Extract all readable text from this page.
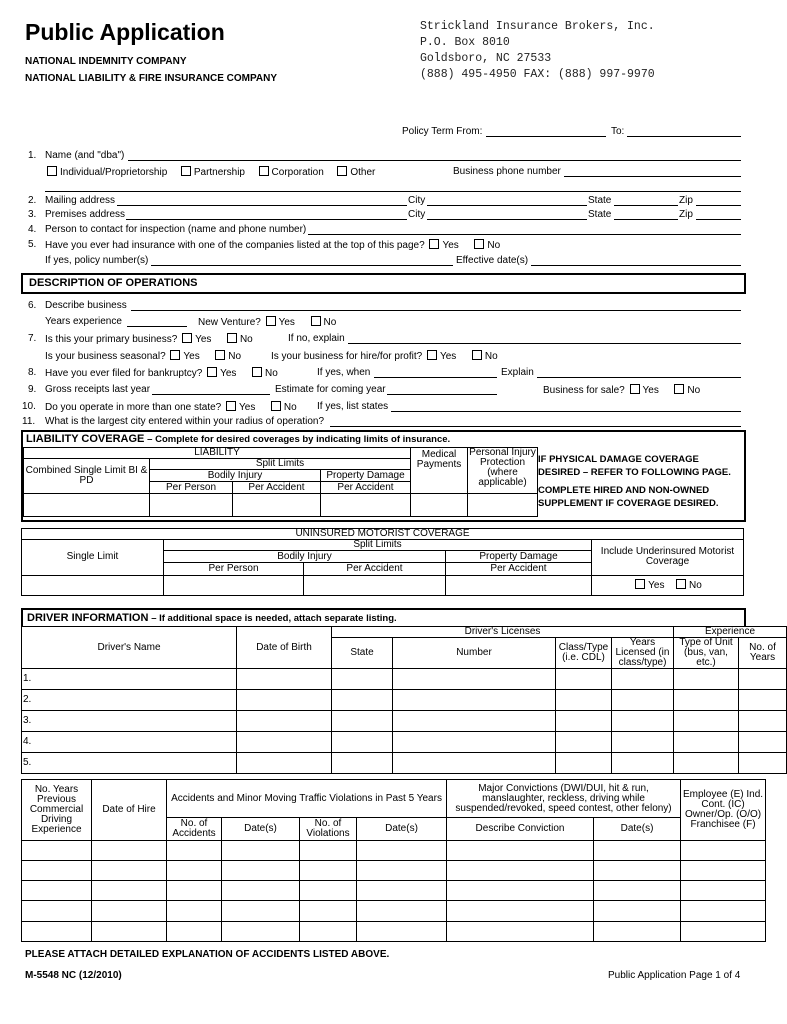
Public Application
NATIONAL INDEMNITY COMPANY
NATIONAL LIABILITY & FIRE INSURANCE COMPANY
Strickland Insurance Brokers, Inc.
P.O. Box 8010
Goldsboro, NC 27533
(888) 495-4950 FAX: (888) 997-9970
Policy Term From:	To:
1. Name (and "dba")
Individual/Proprietorship	Partnership	Corporation	Other	Business phone number
2. Mailing address	City	State	Zip
3. Premises address	City	State	Zip
4. Person to contact for inspection (name and phone number)
5. Have you ever had insurance with one of the companies listed at the top of this page? Yes	No
If yes, policy number(s)	Effective date(s)
DESCRIPTION OF OPERATIONS
6. Describe business
Years experience	New Venture? Yes	No
7. Is this your primary business? Yes	No	If no, explain
Is your business seasonal? Yes	No	Is your business for hire/for profit? Yes	No
8. Have you ever filed for bankruptcy? Yes	No	If yes, when	Explain
9. Gross receipts last year	Estimate for coming year	Business for sale? Yes	No
10. Do you operate in more than one state? Yes	No If yes, list states
11. What is the largest city entered within your radius of operation?
LIABILITY COVERAGE – Complete for desired coverages by indicating limits of insurance.
LIABILITY				Medical Payments	Personal Injury Protection (where applicable)
Combined Single Limit BI & PD	Split Limits				
	Bodily Injury		Property Damage		
	Per Person	Per Accident	Per Accident		

IF PHYSICAL DAMAGE COVERAGE DESIRED – REFER TO FOLLOWING PAGE.
COMPLETE HIRED AND NON-OWNED SUPPLEMENT IF COVERAGE DESIRED.
UNINSURED MOTORIST COVERAGE				
Single Limit	Split Limits			Include Underinsured Motorist Coverage
	Bodily Injury		Property Damage	
	Per Person	Per Accident	Per Accident	
				Yes No
DRIVER INFORMATION – If additional space is needed, attach separate listing.
Driver's Name	Date of Birth	Driver's Licenses				Experience	
		State	Number	Class/Type (i.e. CDL)	Years Licensed (in class/type)	Type of Unit (bus, van, etc.)	No. of Years

1.							
2.							
3.							
4.							
5.							
No. Years Previous Commercial Driving Experience	Date of Hire	Accidents and Minor Moving Traffic Violations in Past 5 Years				Major Convictions (DWI/DUI, hit & run, manslaughter, reckless, driving while suspended/revoked, speed contest, other felony)		Employee (E) Ind. Cont. (IC) Owner/Op. (O/O) Franchisee (F)
		No. of Accidents	Date(s)	No. of Violations	Date(s)	Describe Conviction	Date(s)	

PLEASE ATTACH DETAILED EXPLANATION OF ACCIDENTS LISTED ABOVE.
M-5548 NC (12/2010)	Public Application Page 1 of 4
